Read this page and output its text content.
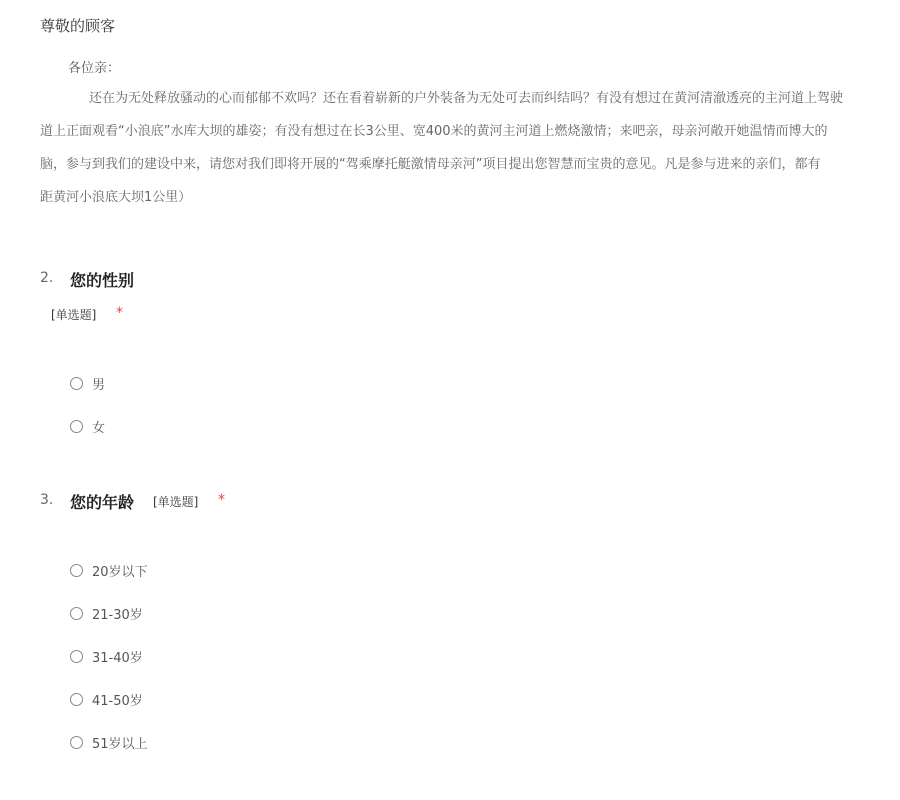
尊敬的顾客
各位亲：
还在为无处释放骚动的心而郁郁不欢吗？还在看着崭新的户外装备为无处可去而纠结吗？有没有想过在黄河清澈透亮的主河道上驾驶
道上正面观看“小浪底”水库大坝的雄姿；有没有想过在长3公里、宽400米的黄河主河道上燃烧激情；来吧亲，母亲河敞开她温情而博大的
脑，参与到我们的建设中来，请您对我们即将开展的“驾乘摩托艇激情母亲河”项目提出您智慧而宝贵的意见。凡是参与进来的亲们，都有
距黄河小浪底大坝1公里）
2. 您的性别
[单选题] *
男
女
3. 您的年龄 [单选题] *
20岁以下
21-30岁
31-40岁
41-50岁
51岁以上
